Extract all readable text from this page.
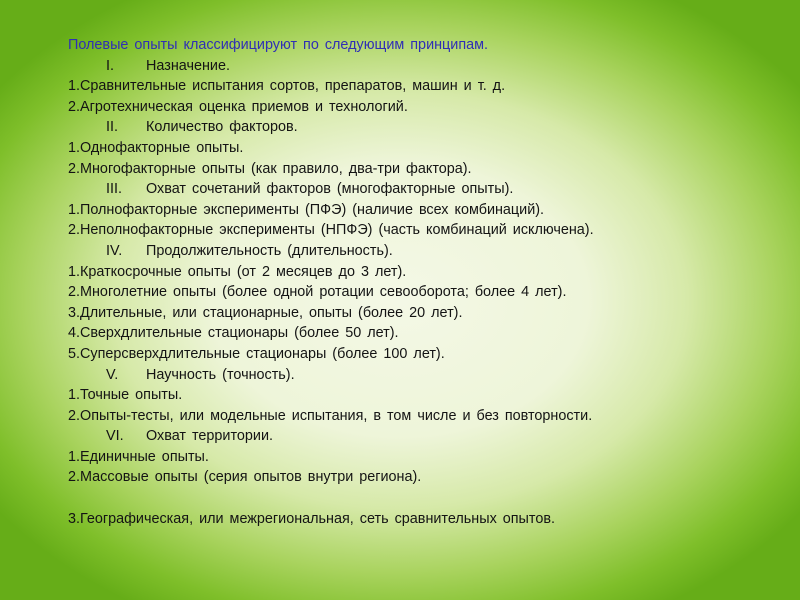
Полевые опыты классифицируют по следующим принципам.
I.	Назначение.
1.Сравнительные испытания сортов, препаратов, машин и т. д.
2.Агротехническая оценка приемов и технологий.
II.	Количество факторов.
1.Однофакторные опыты.
2.Многофакторные опыты (как правило, два-три фактора).
III.	Охват сочетаний факторов (многофакторные опыты).
1.Полнофакторные эксперименты (ПФЭ) (наличие всех комбинаций).
2.Неполнофакторные эксперименты (НПФЭ) (часть комбинаций исключена).
IV.	Продолжительность (длительность).
1.Краткосрочные опыты (от 2 месяцев до 3 лет).
2.Многолетние опыты (более одной ротации севооборота; более 4 лет).
3.Длительные, или стационарные, опыты (более 20 лет).
4.Сверхдлительные стационары (более 50 лет).
5.Суперсверхдлительные стационары (более 100 лет).
V.	Научность (точность).
1.Точные опыты.
2.Опыты-тесты, или модельные испытания, в том числе и без повторности.
VI.	Охват территории.
1.Единичные опыты.
2.Массовые опыты (серия опытов внутри региона).
3.Географическая, или межрегиональная, сеть сравнительных опытов.
